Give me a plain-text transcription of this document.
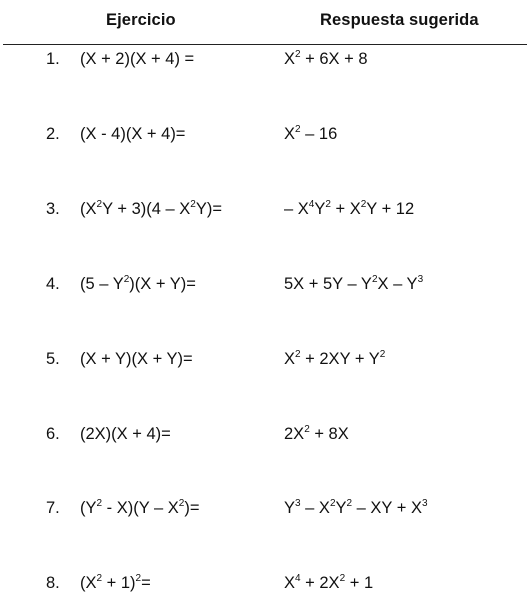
Ejercicio	Respuesta sugerida
1. (X + 2)(X + 4) =	$X^2 + 6X + 8$
2. (X - 4)(X + 4)=	$X^2 - 16$
3. $(X^2Y + 3)(4 - X^2Y)=$	– $X^4Y^2 + X^2Y + 12$
4. $(5 - Y^2)(X + Y)=$	$5X + 5Y - Y^2X - Y^3$
5. (X + Y)(X + Y)=	$X^2 + 2XY + Y^2$
6. (2X)(X + 4)=	$2X^2 + 8X$
7. $(Y^2 - X)(Y - X^2)=$	$Y^3 - X^2Y^2$ – XY + $X^3$
8. $(X^2 + 1)^2=$	$X^4 + 2X^2 + 1$
